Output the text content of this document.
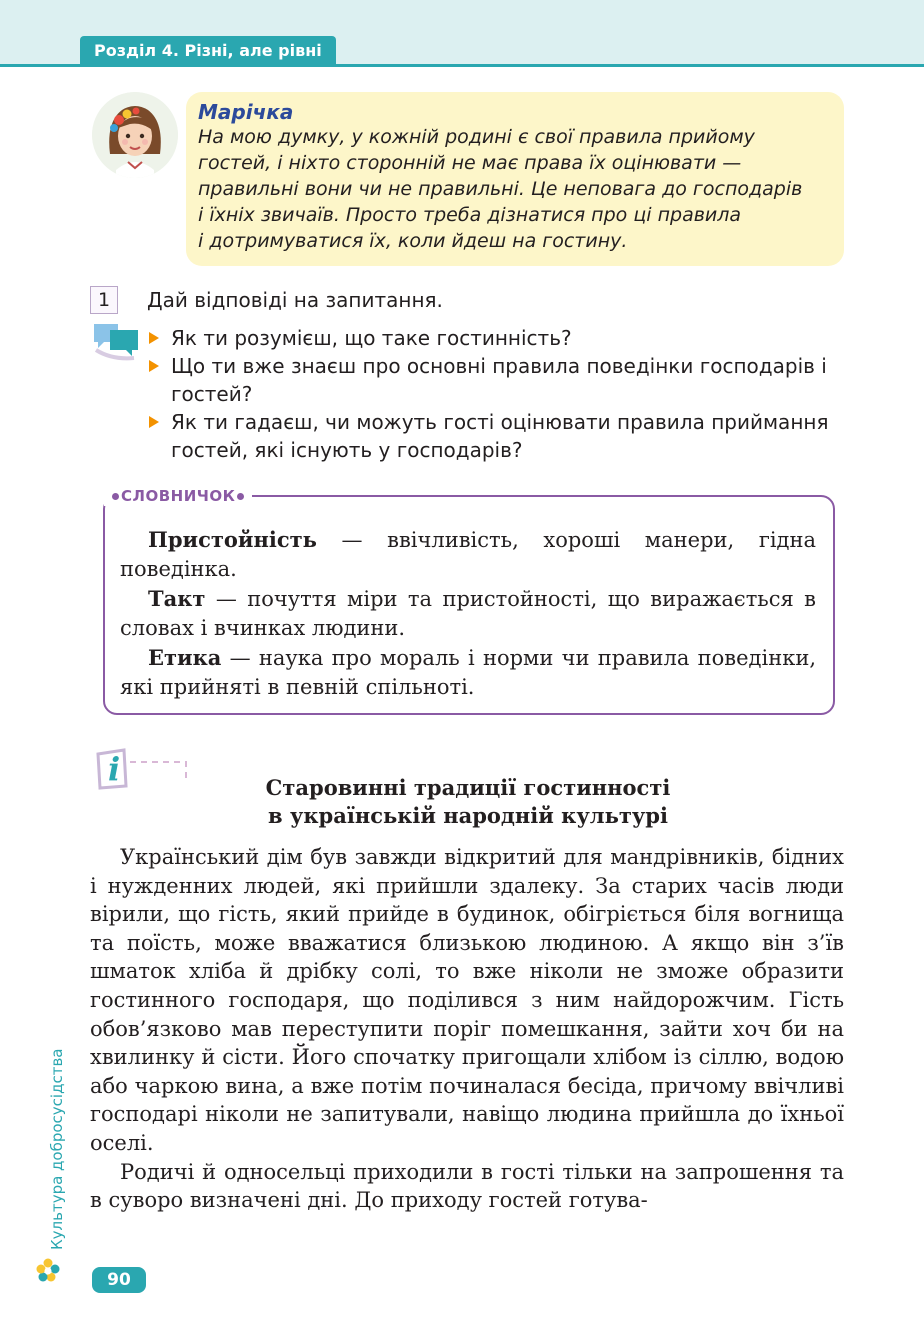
Розділ 4. Різні, але рівні
Марічка
На мою думку, у кожній родині є свої правила прийому
гостей, і ніхто сторонній не має права їх оцінювати —
правильні вони чи не правильні. Це неповага до господарів
і їхніх звичаїв. Просто треба дізнатися про ці правила
і дотримуватися їх, коли йдеш на гостину.
1	Дай відповіді на запитання.
Як ти розумієш, що таке гостинність?
Що ти вже знаєш про основні правила поведінки господарів і гостей?
Як ти гадаєш, чи можуть гості оцінювати правила приймання гостей, які існують у господарів?
СЛОВНИЧОК

Пристойність — ввічливість, хороші манери, гідна поведінка.

Такт — почуття міри та пристойності, що виражається в словах і вчинках людини.

Етика — наука про мораль і норми чи правила поведінки, які прийняті в певній спільноті.

i	Старовинні традиції гостинності
в українській народній культурі

Український дім був завжди відкритий для мандрівників, бідних і нужденних людей, які прийшли здалеку. За старих часів люди вірили, що гість, який прийде в будинок, обігріється біля вогнища та поїсть, може вважатися близькою людиною. А якщо він з’їв шматок хліба й дрібку солі, то вже ніколи не зможе образити гостинного господаря, що поділився з ним найдорожчим. Гість обов’язково мав переступити поріг помешкання, зайти хоч би на хвилинку й сісти. Його спочатку пригощали хлібом із сіллю, водою або чаркою вина, а вже потім починалася бесіда, причому ввічливі господарі ніколи не запитували, навіщо людина прийшла до їхньої оселі.

Родичі й односельці приходили в гості тільки на запрошення та в суворо визначені дні. До приходу гостей готува-

Культура добросусідства
90
